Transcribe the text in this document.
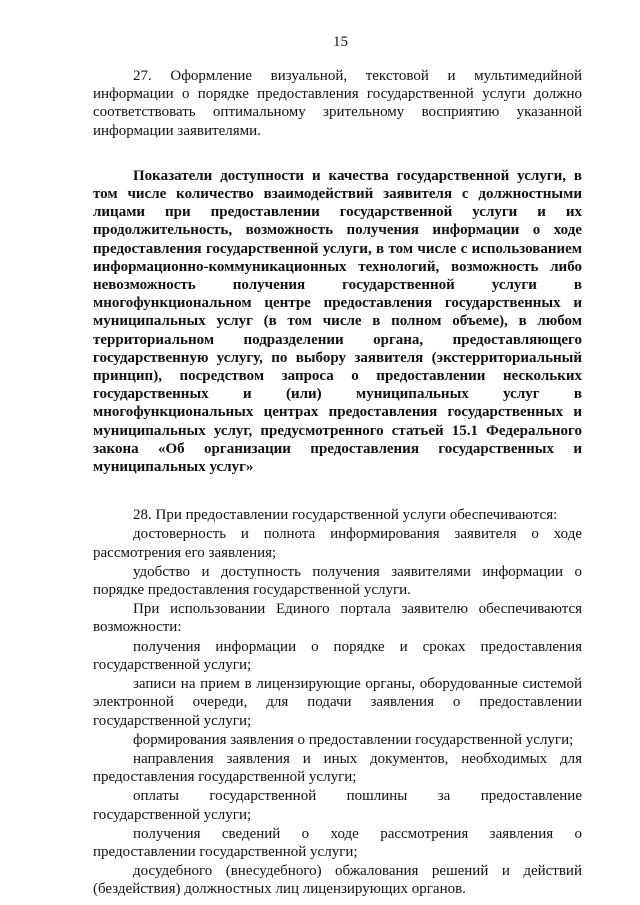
15

27. Оформление визуальной, текстовой и мультимедийной информации о порядке предоставления государственной услуги должно соответствовать оптимальному зрительному восприятию указанной информации заявителями.

Показатели доступности и качества государственной услуги, в том числе количество взаимодействий заявителя с должностными лицами при предоставлении государственной услуги и их продолжительность, возможность получения информации о ходе предоставления государственной услуги, в том числе с использованием информационно-коммуникационных технологий, возможность либо невозможность получения государственной услуги в многофункциональном центре предоставления государственных и муниципальных услуг (в том числе в полном объеме), в любом территориальном подразделении органа, предоставляющего государственную услугу, по выбору заявителя (экстерриториальный принцип), посредством запроса о предоставлении нескольких государственных и (или) муниципальных услуг в многофункциональных центрах предоставления государственных и муниципальных услуг, предусмотренного статьей 15.1 Федерального закона «Об организации предоставления государственных и муниципальных услуг»

28. При предоставлении государственной услуги обеспечиваются:

достоверность и полнота информирования заявителя о ходе рассмотрения его заявления;

удобство и доступность получения заявителями информации о порядке предоставления государственной услуги.

При использовании Единого портала заявителю обеспечиваются возможности:

получения информации о порядке и сроках предоставления государственной услуги;

записи на прием в лицензирующие органы, оборудованные системой электронной очереди, для подачи заявления о предоставлении государственной услуги;

формирования заявления о предоставлении государственной услуги;

направления заявления и иных документов, необходимых для предоставления государственной услуги;

оплаты государственной пошлины за предоставление государственной услуги;

получения сведений о ходе рассмотрения заявления о предоставлении государственной услуги;

досудебного (внесудебного) обжалования решений и действий (бездействия) должностных лиц лицензирующих органов.
